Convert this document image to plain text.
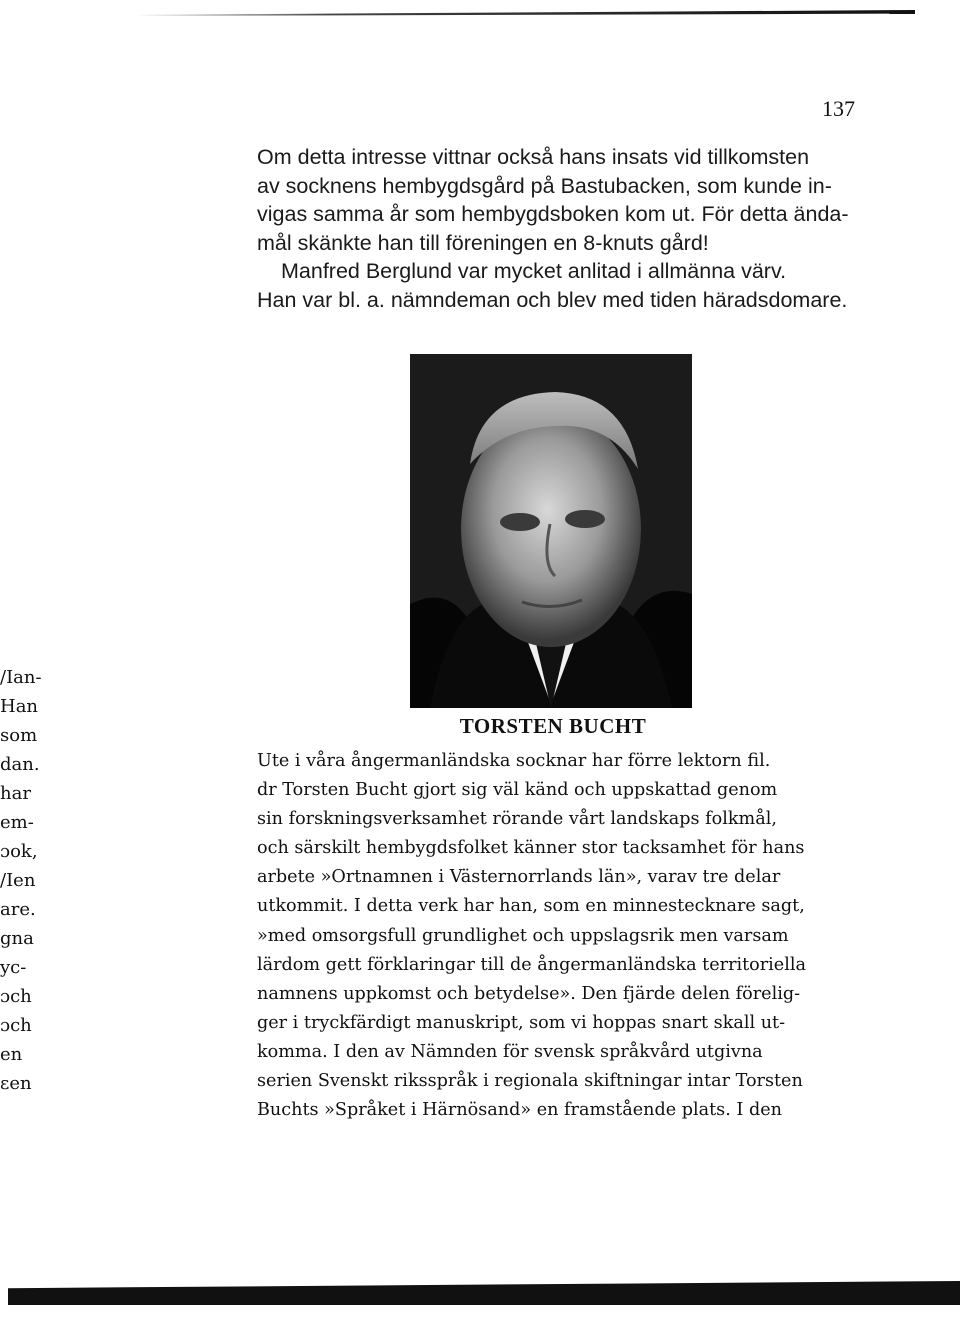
137

Om detta intresse vittnar också hans insats vid tillkomsten
av socknens hembygdsgård på Bastubacken, som kunde in-
vigas samma år som hembygdsboken kom ut. För detta ända-
mål skänkte han till föreningen en 8-knuts gård!
Manfred Berglund var mycket anlitad i allmänna värv.
Han var bl. a. nämndeman och blev med tiden häradsdomare.

TORSTEN BUCHT

Ute i våra ångermanländska socknar har förre lektorn fil.
dr Torsten Bucht gjort sig väl känd och uppskattad genom
sin forskningsverksamhet rörande vårt landskaps folkmål,
och särskilt hembygdsfolket känner stor tacksamhet för hans
arbete »Ortnamnen i Västernorrlands län», varav tre delar
utkommit. I detta verk har han, som en minnestecknare sagt,
»med omsorgsfull grundlighet och uppslagsrik men varsam
lärdom gett förklaringar till de ångermanländska territoriella
namnens uppkomst och betydelse». Den fjärde delen förelig-
ger i tryckfärdigt manuskript, som vi hoppas snart skall ut-
komma. I den av Nämnden för svensk språkvård utgivna
serien Svenskt riksspråk i regionala skiftningar intar Torsten
Buchts »Språket i Härnösand» en framstående plats. I den

/Ian-
Han
som
dan.
har
em-
ɔok,
/Ien
are.
gna
yc-
ɔch
ɔch
en
ɛen
